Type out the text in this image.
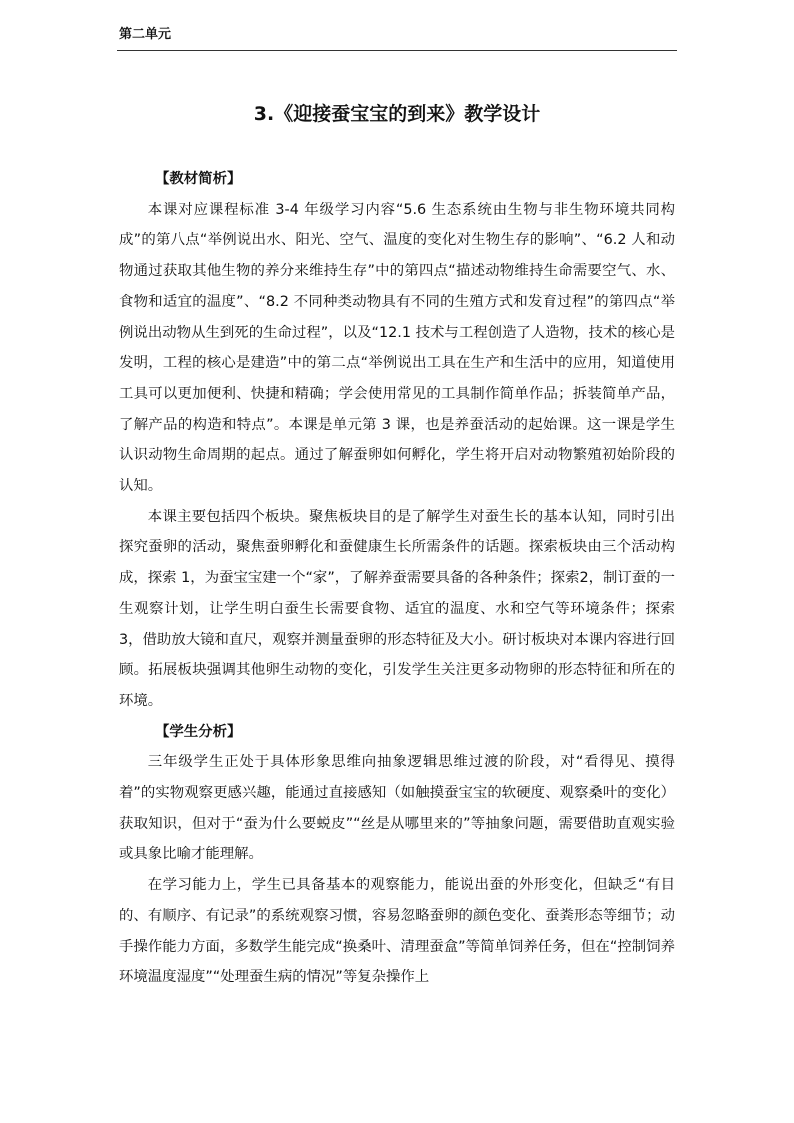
第二单元
3.《迎接蚕宝宝的到来》教学设计

【教材简析】

本课对应课程标准 3-4 年级学习内容“5.6 生态系统由生物与非生物环境共同构成”的第八点“举例说出水、阳光、空气、温度的变化对生物生存的影响”、“6.2 人和动物通过获取其他生物的养分来维持生存”中的第四点“描述动物维持生命需要空气、水、食物和适宜的温度”、“8.2 不同种类动物具有不同的生殖方式和发育过程”的第四点“举例说出动物从生到死的生命过程”，以及“12.1 技术与工程创造了人造物，技术的核心是发明，工程的核心是建造”中的第二点“举例说出工具在生产和生活中的应用，知道使用工具可以更加便利、快捷和精确；学会使用常见的工具制作简单作品；拆装简单产品，了解产品的构造和特点”。本课是单元第 3 课，也是养蚕活动的起始课。这一课是学生认识动物生命周期的起点。通过了解蚕卵如何孵化，学生将开启对动物繁殖初始阶段的认知。

本课主要包括四个板块。聚焦板块目的是了解学生对蚕生长的基本认知，同时引出探究蚕卵的活动，聚焦蚕卵孵化和蚕健康生长所需条件的话题。探索板块由三个活动构成，探索 1，为蚕宝宝建一个“家”，了解养蚕需要具备的各种条件；探索2，制订蚕的一生观察计划，让学生明白蚕生长需要食物、适宜的温度、水和空气等环境条件；探索 3，借助放大镜和直尺，观察并测量蚕卵的形态特征及大小。研讨板块对本课内容进行回顾。拓展板块强调其他卵生动物的变化，引发学生关注更多动物卵的形态特征和所在的环境。

【学生分析】

三年级学生正处于具体形象思维向抽象逻辑思维过渡的阶段，对“看得见、摸得着”的实物观察更感兴趣，能通过直接感知（如触摸蚕宝宝的软硬度、观察桑叶的变化）获取知识，但对于“蚕为什么要蜕皮”“丝是从哪里来的”等抽象问题，需要借助直观实验或具象比喻才能理解。

在学习能力上，学生已具备基本的观察能力，能说出蚕的外形变化，但缺乏“有目的、有顺序、有记录”的系统观察习惯，容易忽略蚕卵的颜色变化、蚕粪形态等细节；动手操作能力方面，多数学生能完成“换桑叶、清理蚕盒”等简单饲养任务，但在“控制饲养环境温度湿度”“处理蚕生病的情况”等复杂操作上
